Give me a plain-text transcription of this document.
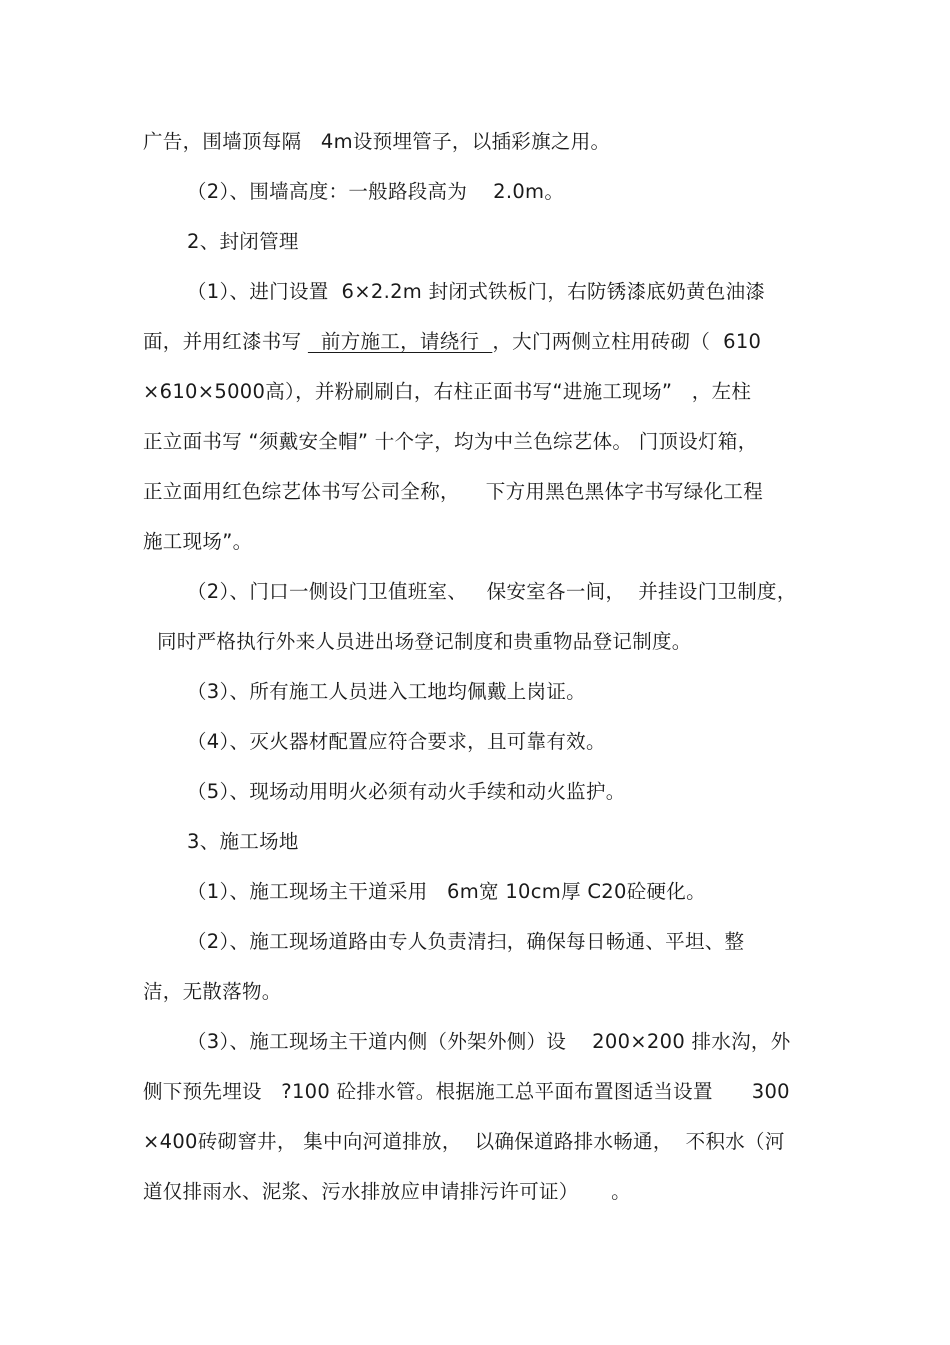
广告，围墙顶每隔   4m设预埋管子，以插彩旗之用。
（2）、围墙高度：一般路段高为    2.0m。
2、封闭管理
（1）、进门设置  6×2.2m 封闭式铁板门，右防锈漆底奶黄色油漆
面，并用红漆书写   前方施工，请绕行  ，大门两侧立柱用砖砌（  610
×610×5000高），并粉刷刷白，右柱正面书写“进施工现场”   ，左柱
正立面书写 “须戴安全帽” 十个字，均为中兰色综艺体。 门顶设灯箱，
正立面用红色综艺体书写公司全称，    下方用黑色黑体字书写绿化工程
施工现场”。
（2）、门口一侧设门卫值班室、   保安室各一间，  并挂设门卫制度，
同时严格执行外来人员进出场登记制度和贵重物品登记制度。
（3）、所有施工人员进入工地均佩戴上岗证。
（4）、灭火器材配置应符合要求，且可靠有效。
（5）、现场动用明火必须有动火手续和动火监护。
3、施工场地
（1）、施工现场主干道采用   6m宽 10cm厚 C20砼硬化。
（2）、施工现场道路由专人负责清扫，确保每日畅通、平坦、整
洁，无散落物。
（3）、施工现场主干道内侧（外架外侧）设    200×200 排水沟，外
侧下预先埋设   ?100 砼排水管。根据施工总平面布置图适当设置      300
×400砖砌窨井， 集中向河道排放，  以确保道路排水畅通，  不积水（河
道仅排雨水、泥浆、污水排放应申请排污许可证）     。
